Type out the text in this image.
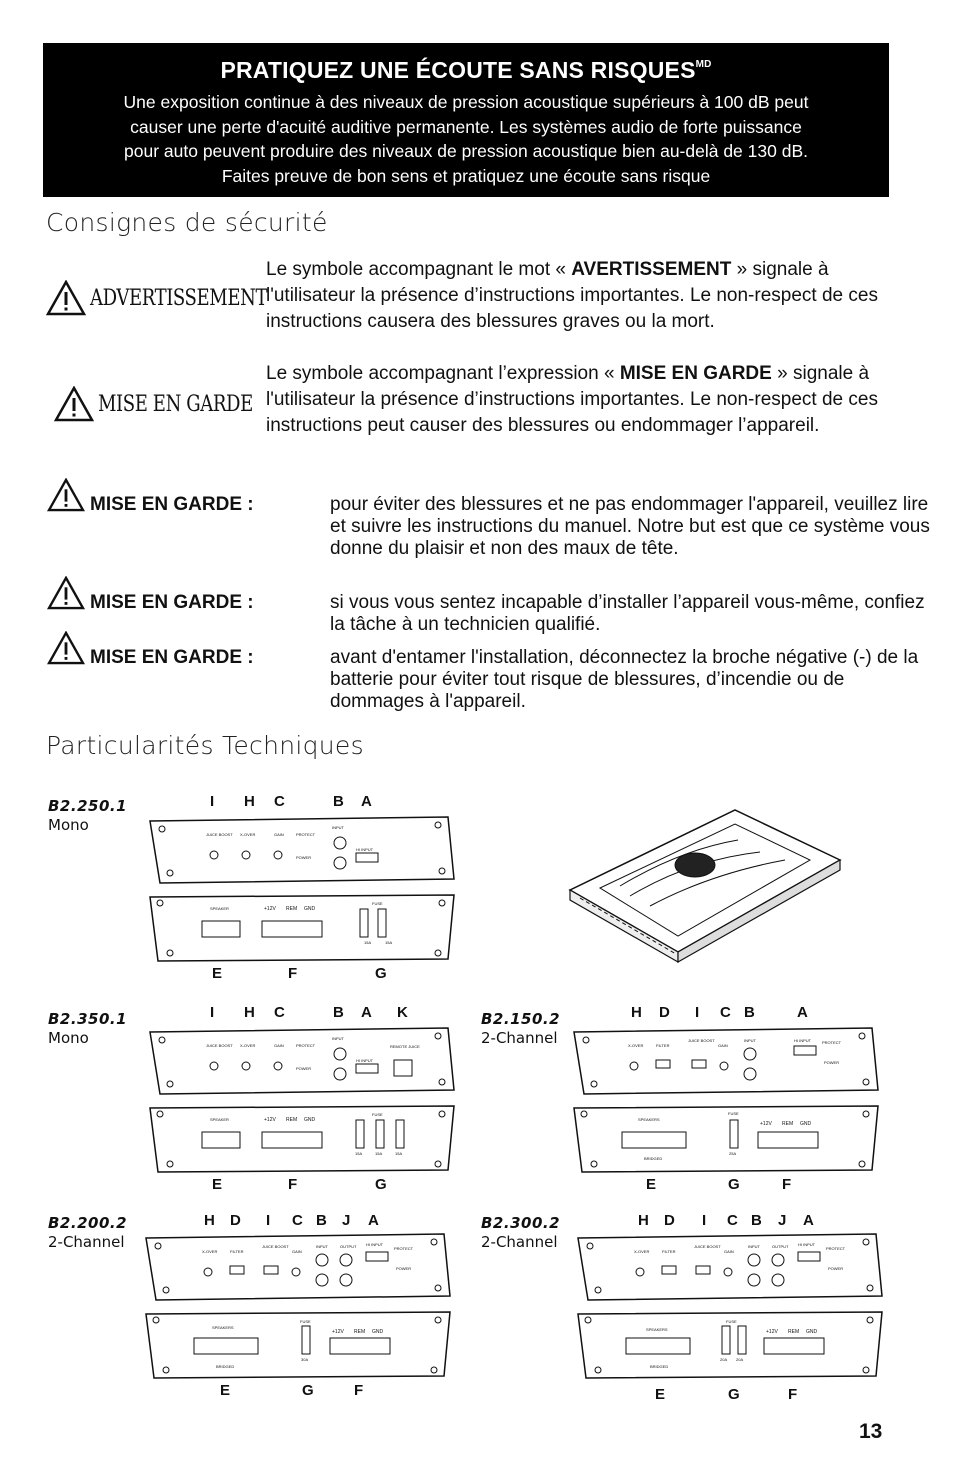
PRATIQUEZ UNE ÉCOUTE SANS $RISQUES^{MD}$
Une exposition continue à des niveaux de pression acoustique supérieurs à 100 dB peut
causer une perte d'acuité auditive permanente. Les systèmes audio de forte puissance
pour auto peuvent produire des niveaux de pression acoustique bien au-delà de 130 dB.
Faites preuve de bon sens et pratiquez une écoute sans risque
Consignes de sécurité
ADVERTISSEMENT
Le symbole accompagnant le mot « AVERTISSEMENT » signale à l'utilisateur la présence d’instructions importantes. Le non-respect de ces instructions causera des blessures graves ou la mort.
MISE EN GARDE
Le symbole accompagnant l’expression « MISE EN GARDE » signale à l'utilisateur la présence d’instructions importantes. Le non-respect de ces instructions peut causer des blessures ou endommager l’appareil.
MISE EN GARDE :	pour éviter des blessures et ne pas endommager l'appareil, veuillez lire et suivre les instructions du manuel. Notre but est que ce système vous donne du plaisir et non des maux de tête.
MISE EN GARDE :	si vous vous sentez incapable d’installer l’appareil vous-même, confiez la tâche à un technicien qualifié.
MISE EN GARDE :	avant d'entamer l'installation, déconnectez la broche négative (-) de la batterie pour éviter tout risque de blessures, d’incendie ou de dommages à l'appareil.
Particularités Techniques
B2.250.1
Mono
I H C	B A
JUICE BOOST X-OVER	GAIN	PROTECT
POWER
INPUT
HI INPUT
SPEAKER	+12V REM GND
FUSE
15A	15A
E	F	G
B2.350.1
Mono
I H C	B A K
JUICE BOOST X-OVER	GAIN	PROTECT
POWER
INPUT
HI INPUT
REMOTE JUICE
SPEAKER	+12V REM GND
FUSE
15A	15A	15A
E	F	G
B2.150.2
2-Channel
H D I C B	A
X-OVER	FILTER
JUICE BOOST
GAIN
INPUT	HI INPUT	PROTECT
POWER
SPEAKERS
BRIDGED
FUSE
25A
+12V REM GND
E	G	F
B2.200.2
2-Channel
H D I C B J A
X-OVER	FILTER
JUICE BOOST
GAIN
INPUT	OUTPUT HI INPUT
PROTECT
POWER
SPEAKERS
BRIDGED
FUSE
30A
+12V REM GND
E	G	F
B2.300.2
2-Channel
H D I C B J A
X-OVER	FILTER
JUICE BOOST
GAIN
INPUT	OUTPUT HI INPUT
PROTECT
POWER
SPEAKERS
BRIDGED
FUSE
20A 20A
+12V REM GND
E	G	F
13
